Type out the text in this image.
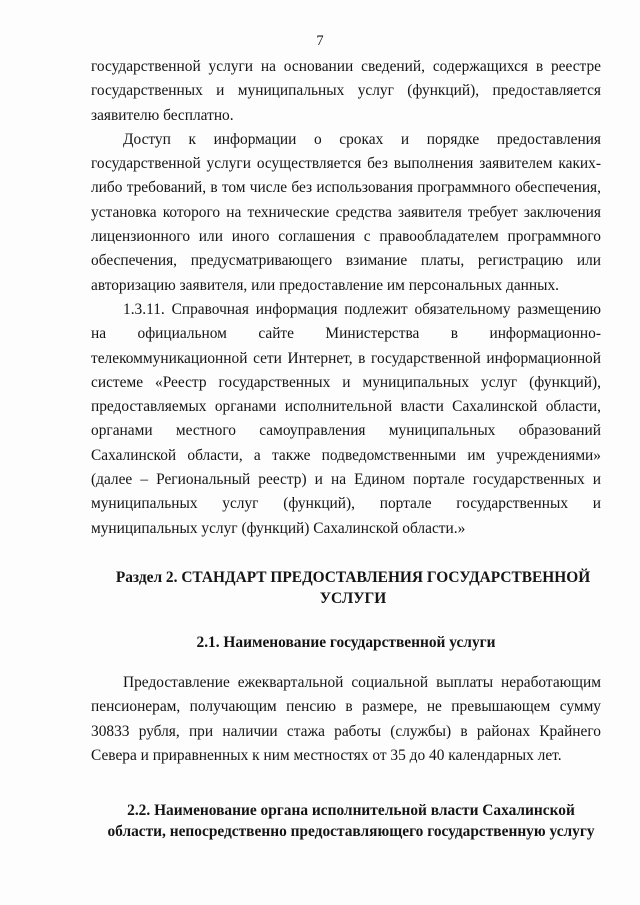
7

государственной услуги на основании сведений, содержащихся в реестре государственных и муниципальных услуг (функций), предоставляется заявителю бесплатно.

Доступ к информации о сроках и порядке предоставления государственной услуги осуществляется без выполнения заявителем каких-либо требований, в том числе без использования программного обеспечения, установка которого на технические средства заявителя требует заключения лицензионного или иного соглашения с правообладателем программного обеспечения, предусматривающего взимание платы, регистрацию или авторизацию заявителя, или предоставление им персональных данных.

1.3.11. Справочная информация подлежит обязательному размещению на официальном сайте Министерства в информационно-телекоммуникационной сети Интернет, в государственной информационной системе «Реестр государственных и муниципальных услуг (функций), предоставляемых органами исполнительной власти Сахалинской области, органами местного самоуправления муниципальных образований Сахалинской области, а также подведомственными им учреждениями» (далее – Региональный реестр) и на Едином портале государственных и муниципальных услуг (функций), портале государственных и муниципальных услуг (функций) Сахалинской области.»

Раздел 2. СТАНДАРТ ПРЕДОСТАВЛЕНИЯ ГОСУДАРСТВЕННОЙ УСЛУГИ
2.1. Наименование государственной услуги

Предоставление ежеквартальной социальной выплаты неработающим пенсионерам, получающим пенсию в размере, не превышающем сумму 30833 рубля, при наличии стажа работы (службы) в районах Крайнего Севера и приравненных к ним местностях от 35 до 40 календарных лет.

2.2. Наименование органа исполнительной власти Сахалинской области, непосредственно предоставляющего государственную услугу
